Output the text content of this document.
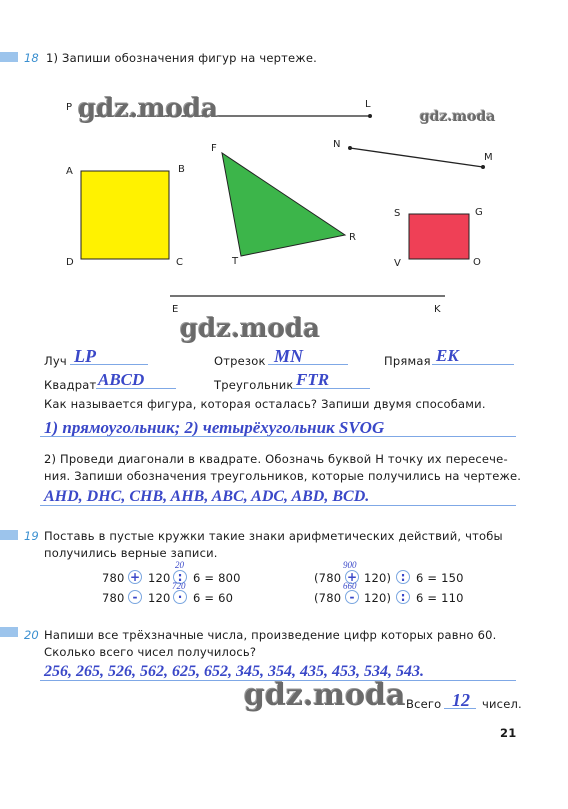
18 1) Запиши обозначения фигур на чертеже.
P	L
N
M
A	B
D	C
F
T
R
S	G
V	O
E	K
gdz.moda	gdz.moda
gdz.moda
gdz.moda
Луч LP	Отрезок MN	Прямая EK
Квадрат ABCD	Треугольник FTR
Как называется фигура, которая осталась? Запиши двумя способами.
1) прямоугольник; 2) четырёхугольник SVOG
2) Проведи диагонали в квадрате. Обозначь буквой Н точку их пересече-
ния. Запиши обозначения треугольников, которые получились на чертеже.
AHD, DHC, CHB, AHB, ABC, ADC, ABD, BCD.
19 Поставь в пустые кружки такие знаки арифметических действий, чтобы
получились верные записи.
780 + 120 :
20
6 = 800
780 - 120 ·
720
6 = 60
(780 +
900
120) : 6 = 150
(780 -
660
120) : 6 = 110
20 Напиши все трёхзначные числа, произведение цифр которых равно 60.
Сколько всего чисел получилось?
256, 265, 526, 562, 625, 652, 345, 354, 435, 453, 534, 543.
Всего 12 чисел.
21
